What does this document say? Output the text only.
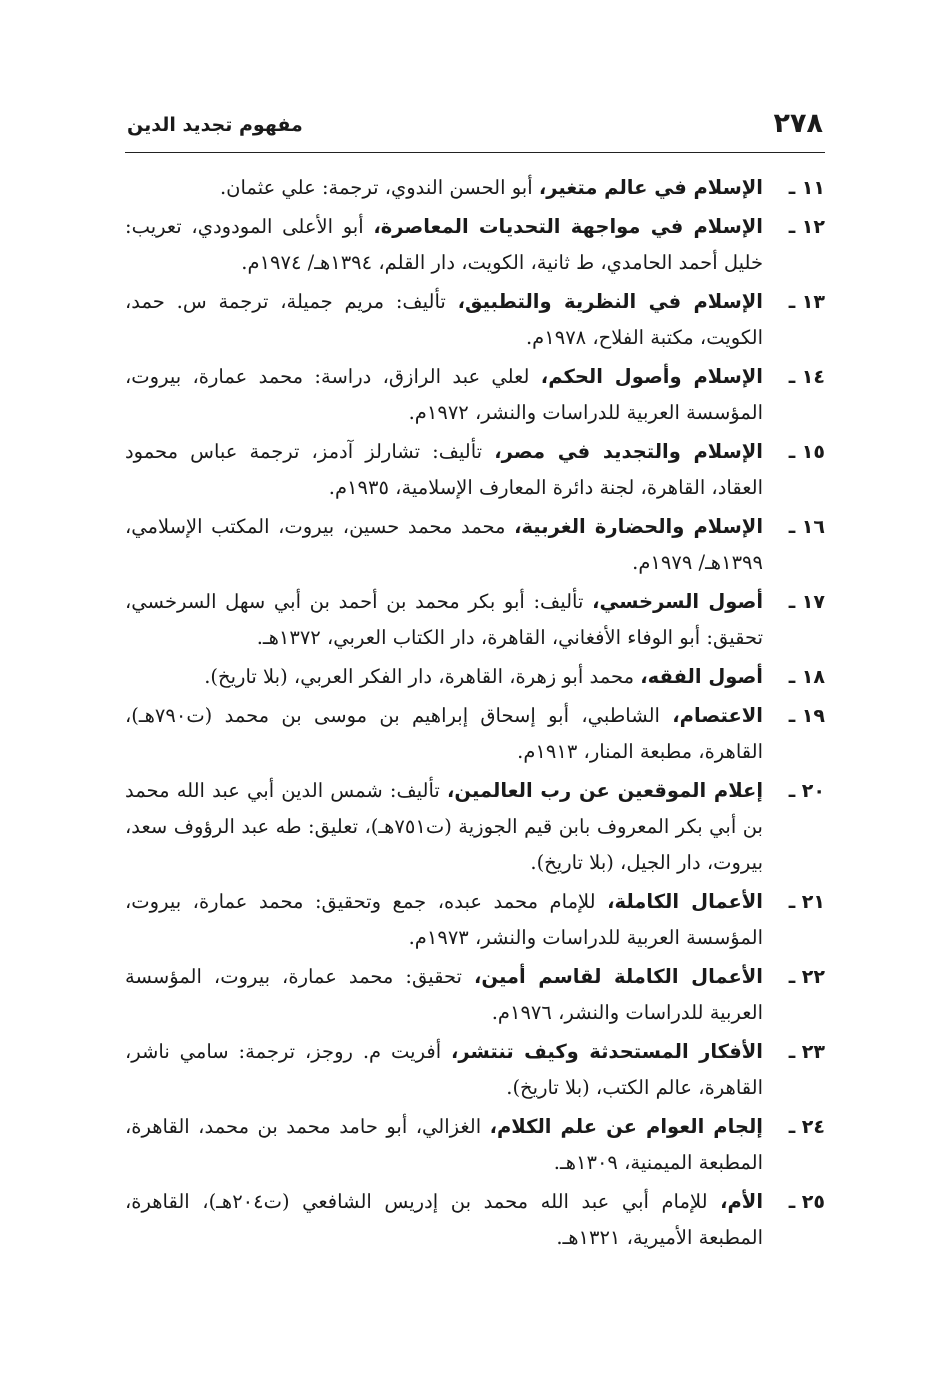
٢٧٨
مفهوم تجديد الدين
١١ ـ
الإسلام في عالم متغير، أبو الحسن الندوي، ترجمة: علي عثمان.
١٢ ـ
الإسلام في مواجهة التحديات المعاصرة، أبو الأعلى المودودي، تعريب: خليل أحمد الحامدي، ط ثانية، الكويت، دار القلم، ١٣٩٤هـ/ ١٩٧٤م.
١٣ ـ
الإسلام في النظرية والتطبيق، تأليف: مريم جميلة، ترجمة س. حمد، الكويت، مكتبة الفلاح، ١٩٧٨م.
١٤ ـ
الإسلام وأصول الحكم، لعلي عبد الرازق، دراسة: محمد عمارة، بيروت، المؤسسة العربية للدراسات والنشر، ١٩٧٢م.
١٥ ـ
الإسلام والتجديد في مصر، تأليف: تشارلز آدمز، ترجمة عباس محمود العقاد، القاهرة، لجنة دائرة المعارف الإسلامية، ١٩٣٥م.
١٦ ـ
الإسلام والحضارة الغربية، محمد محمد حسين، بيروت، المكتب الإسلامي، ١٣٩٩هـ/ ١٩٧٩م.
١٧ ـ
أصول السرخسي، تأليف: أبو بكر محمد بن أحمد بن أبي سهل السرخسي، تحقيق: أبو الوفاء الأفغاني، القاهرة، دار الكتاب العربي، ١٣٧٢هـ.
١٨ ـ
أصول الفقه، محمد أبو زهرة، القاهرة، دار الفكر العربي، (بلا تاريخ).
١٩ ـ
الاعتصام، الشاطبي، أبو إسحاق إبراهيم بن موسى بن محمد (ت٧٩٠هـ)، القاهرة، مطبعة المنار، ١٩١٣م.
٢٠ ـ
إعلام الموقعين عن رب العالمين، تأليف: شمس الدين أبي عبد الله محمد بن أبي بكر المعروف بابن قيم الجوزية (ت٧٥١هـ)، تعليق: طه عبد الرؤوف سعد، بيروت، دار الجيل، (بلا تاريخ).
٢١ ـ
الأعمال الكاملة، للإمام محمد عبده، جمع وتحقيق: محمد عمارة، بيروت، المؤسسة العربية للدراسات والنشر، ١٩٧٣م.
٢٢ ـ
الأعمال الكاملة لقاسم أمين، تحقيق: محمد عمارة، بيروت، المؤسسة العربية للدراسات والنشر، ١٩٧٦م.
٢٣ ـ
الأفكار المستحدثة وكيف تنتشر، أفريت م. روجز، ترجمة: سامي ناشر، القاهرة، عالم الكتب، (بلا تاريخ).
٢٤ ـ
إلجام العوام عن علم الكلام، الغزالي، أبو حامد محمد بن محمد، القاهرة، المطبعة الميمنية، ١٣٠٩هـ.
٢٥ ـ
الأم، للإمام أبي عبد الله محمد بن إدريس الشافعي (ت٢٠٤هـ)، القاهرة، المطبعة الأميرية، ١٣٢١هـ.
